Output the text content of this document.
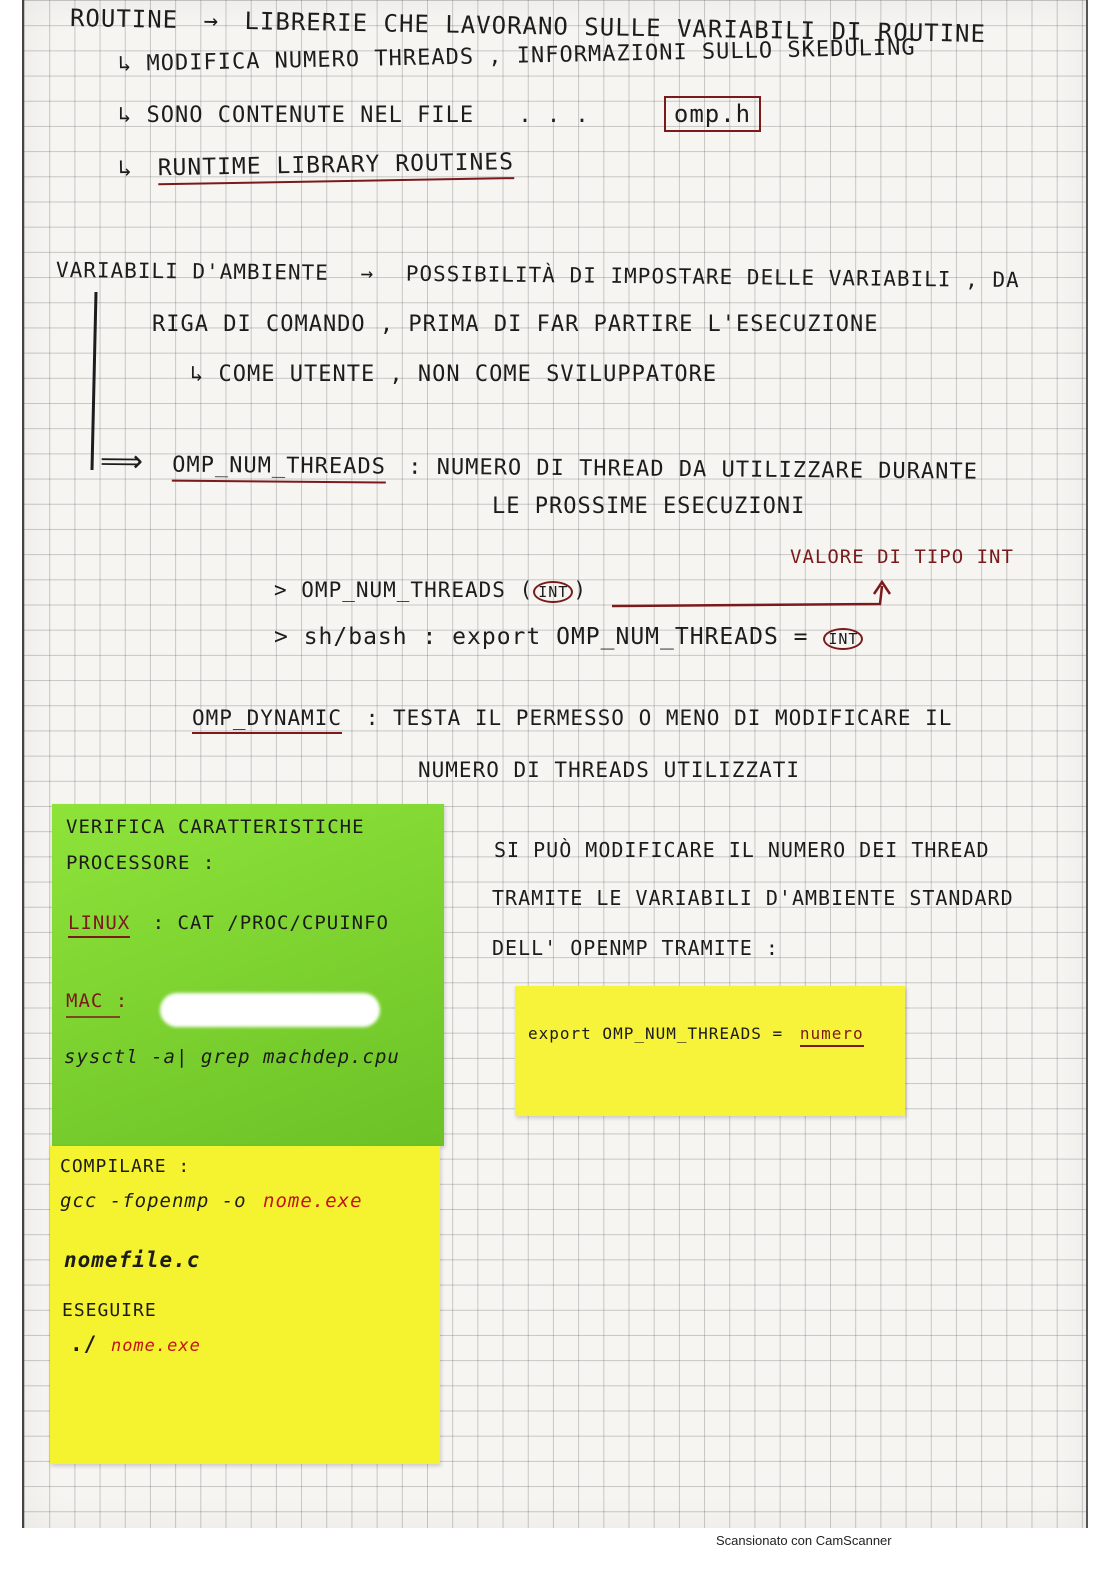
ROUTINE → LIBRERIE CHE LAVORANO SULLE VARIABILI DI ROUTINE
↳ MODIFICA NUMERO THREADS , INFORMAZIONI SULLO SKEDULING
↳ SONO CONTENUTE NEL FILE . . .	omp.h
↳ RUNTIME LIBRARY ROUTINES
VARIABILI D'AMBIENTE → POSSIBILITÀ DI IMPOSTARE DELLE VARIABILI , DA
RIGA DI COMANDO , PRIMA DI FAR PARTIRE L'ESECUZIONE
↳ COME UTENTE , NON COME SVILUPPATORE
⟹ OMP_NUM_THREADS : NUMERO DI THREAD DA UTILIZZARE DURANTE
LE PROSSIME ESECUZIONI
VALORE DI TIPO INT
> OMP_NUM_THREADS ( INT )
> sh/bash : export OMP_NUM_THREADS = INT
OMP_DYNAMIC : TESTA IL PERMESSO O MENO DI MODIFICARE IL
NUMERO DI THREADS UTILIZZATI
SI PUÒ MODIFICARE IL NUMERO DEI THREAD
TRAMITE LE VARIABILI D'AMBIENTE STANDARD
DELL' OPENMP TRAMITE :
VERIFICA CARATTERISTICHE
PROCESSORE :
LINUX : CAT /PROC/CPUINFO
MAC :
sysctl -a| grep machdep.cpu
export OMP_NUM_THREADS = numero
COMPILARE :
gcc -fopenmp -o nome.exe
nomefile.c
ESEGUIRE
./ nome.exe
Scansionato con CamScanner
